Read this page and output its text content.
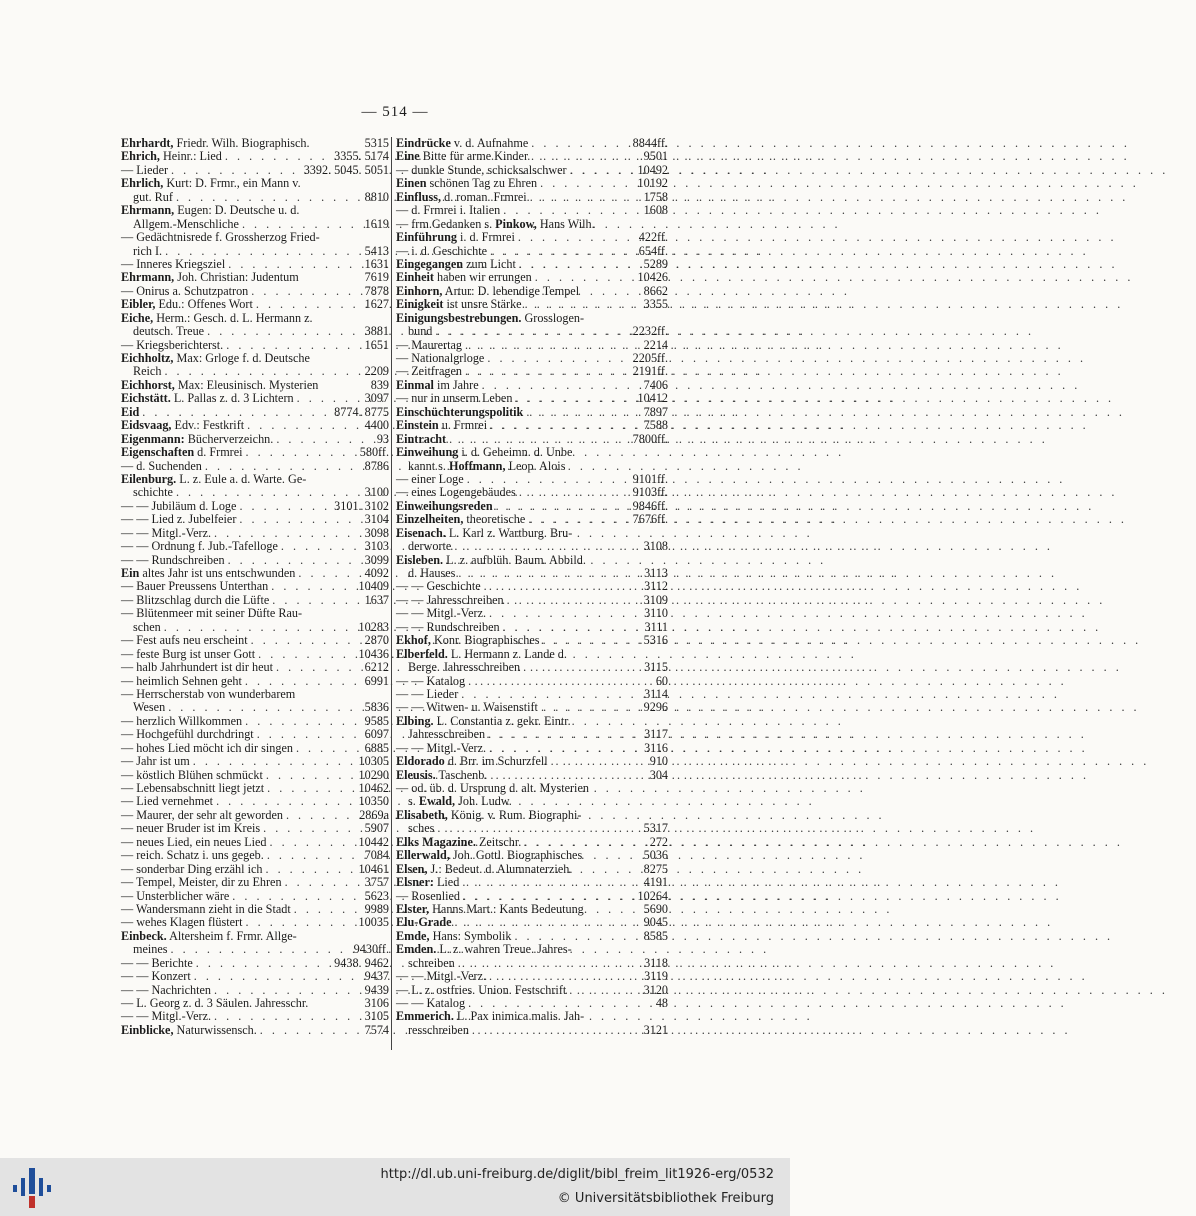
— 514 —
Ehrhardt, Friedr. Wilh. Biographisch.	5315
Ehrich, Heinr.: Lied . . .	3355. 5174
— Lieder . . .	3392. 5045. 5051
Ehrlich, Kurt: D. Frmr., ein Mann v.
gut. Ruf . . .	8810
Ehrmann, Eugen: D. Deutsche u. d.
Allgem.-Menschliche . . .	1619
— Gedächtnisrede f. Grossherzog Fried-
rich I. . . .	5413
— Inneres Kriegsziel . . .	1631
Ehrmann, Joh. Christian: Judentum	7619
— Onirus a. Schutzpatron . . .	7878
Eibler, Edu.: Offenes Wort . . .	1627
Eiche, Herm.: Gesch. d. L. Hermann z.
deutsch. Treue . . .	3881
— Kriegsberichterst. . . .	1651
Eichholtz, Max: Grloge f. d. Deutsche
Reich . . .	2209
Eichhorst, Max: Eleusinisch. Mysterien	839
Eichstätt. L. Pallas z. d. 3 Lichtern . . .	3097
Eid . . .	8774. 8775
Eidsvaag, Edv.: Festkrift . . .	4400
Eigenmann: Bücherverzeichn. . . .	93
Eigenschaften d. Frmrei . . .	580ff.
— d. Suchenden . . .	8786
Eilenburg. L. z. Eule a. d. Warte. Ge-
schichte . . .	3100
— — Jubiläum d. Loge . . .	3101. 3102
— — Lied z. Jubelfeier . . .	3104
— — Mitgl.-Verz. . . .	3098
— — Ordnung f. Jub.-Tafelloge . . .	3103
— — Rundschreiben . . .	3099
Ein altes Jahr ist uns entschwunden . . .	4092
— Bauer Preussens Unterthan . . .	10409
— Blitzschlag durch die Lüfte . . .	1637
— Blütenmeer mit seiner Düfte Rau-
schen . . .	10283
— Fest aufs neu erscheint . . .	2870
— feste Burg ist unser Gott . . .	10436
— halb Jahrhundert ist dir heut . . .	6212
— heimlich Sehnen geht . . .	6991
— Herrscherstab von wunderbarem
Wesen . . .	5836
— herzlich Willkommen . . .	9585
— Hochgefühl durchdringt . . .	6097
— hohes Lied möcht ich dir singen . . .	6885
— Jahr ist um . . .	10305
— köstlich Blühen schmückt . . .	10290
— Lebensabschnitt liegt jetzt . . .	10462
— Lied vernehmet . . .	10350
— Maurer, der sehr alt geworden . . .	2869a
— neuer Bruder ist im Kreis . . .	5907
— neues Lied, ein neues Lied . . .	10442
— reich. Schatz i. uns gegeb. . . .	7084
— sonderbar Ding erzähl ich . . .	10461
— Tempel, Meister, dir zu Ehren . . .	3757
— Unsterblicher wäre . . .	5623
— Wandersmann zieht in die Stadt . . .	9989
— wehes Klagen flüstert . . .	10035
Einbeck. Altersheim f. Frmr. Allge-
meines . . .	9430ff.
— — Berichte . . .	9438. 9462
— — Konzert . . .	9437
— — Nachrichten . . .	9439
— L. Georg z. d. 3 Säulen. Jahresschr.	3106
— — Mitgl.-Verz. . . .	3105
Einblicke, Naturwissensch. . . .	7574
Eindrücke v. d. Aufnahme . . .	8844ff.
Eine Bitte für arme Kinder . . .	9501
— dunkle Stunde, schicksalschwer . . .	10492
Einen schönen Tag zu Ehren . . .	10192
Einfluss, d. roman. Frmrei . . .	1758
— d. Frmrei i. Italien . . .	1608
— frm.Gedanken s. Pinkow, Hans Wilh.
Einführung i. d. Frmrei . . .	422ff.
— i. d. Geschichte . . .	654ff.
Eingegangen zum Licht . . .	5289
Einheit haben wir errungen . . .	10426
Einhorn, Artur: D. lebendige Tempel	8662
Einigkeit ist unsre Stärke . . .	3355
Einigungsbestrebungen. Grosslogen-
bund . . .	2232ff.
— Maurertag . . .	2214
— Nationalgrloge . . .	2205ff.
— Zeitfragen . . .	2191ff.
Einmal im Jahre . . .	7406
— nur in unserm Leben . . .	10412
Einschüchterungspolitik . . .	7897
Einstein u. Frmrei . . .	7588
Eintracht . . .	7800ff.
Einweihung i. d. Geheimn. d. Unbe
kannt s. Hoffmann, Leop. Alois
— einer Loge . . .	9101ff.
— eines Logengebäudes . . .	9103ff.
Einweihungsreden . . .	9846ff.
Einzelheiten, theoretische . . .	7676ff.
Eisenach. L. Karl z. Wartburg. Bru-
derworte . . .	3108
Eisleben. L. z. aufblüh. Baum. Abbild.
d. Hauses . . .	3113
— — Geschichte . . .	3112
— — Jahresschreiben . . .	3109
— — Mitgl.-Verz. . . .	3110
— — Rundschreiben . . .	3111
Ekhof, Konr. Biographisches . . .	5316
Elberfeld. L. Hermann z. Lande d.
Berge. Jahresschreiben . . .	3115
— — Katalog . . .	60
— — Lieder . . .	3114
— — Witwen- u. Waisenstift . . .	9296
Elbing. L. Constantia z. gekr. Eintr.
Jahresschreiben . . .	3117
— — Mitgl.-Verz. . . .	3116
Eldorado d. Brr. im Schurzfell . . .	910
Eleusis. Taschenb. . . .	304
— od. üb. d. Ursprung d. alt. Mysterien
s. Ewald, Joh. Ludw.
Elisabeth, König. v. Rum. Biographi-
sches . . .	5317
Elks Magazine. Zeitschr. . . .	272
Ellerwald, Joh. Gottl. Biographisches	5036
Elsen, J.: Bedeut. d. Alumnaterzieh.	8275
Elsner: Lied . . .	4191
— Rosenlied . . .	10264
Elster, Hanns Mart.: Kants Bedeutung	5690
Elu-Grade . . .	9045
Emde, Hans: Symbolik . . .	8585
Emden. L. z. wahren Treue. Jahres-
schreiben . . .	3118
— — Mitgl.-Verz. . . .	3119
— L. z. ostfries. Union. Festschrift . . .	3120
— — Katalog . . .	48
Emmerich. L. Pax inimica malis. Jah-
resschreiben . . .	3121
http://dl.ub.uni-freiburg.de/diglit/bibl_freim_lit1926-erg/0532
© Universitätsbibliothek Freiburg
